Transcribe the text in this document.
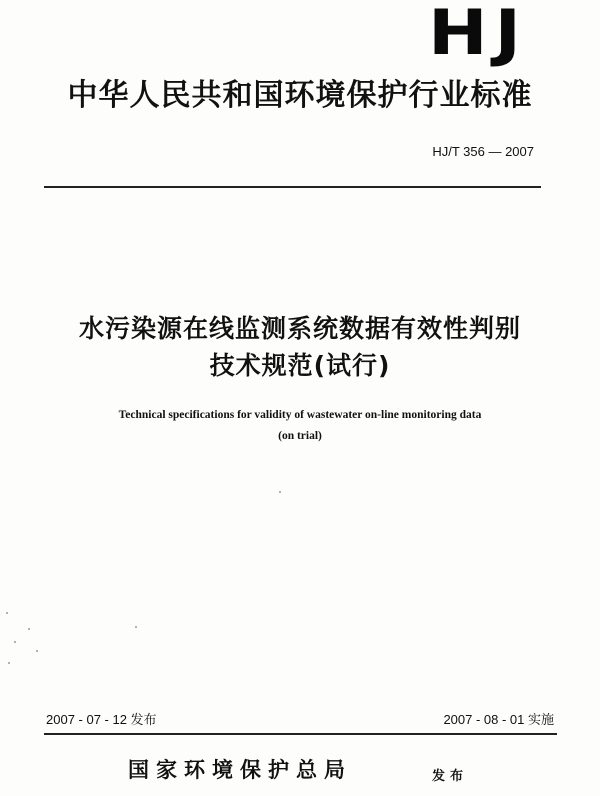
HJ
中华人民共和国环境保护行业标准
HJ/T 356 — 2007
水污染源在线监测系统数据有效性判别
技术规范(试行)
Technical specifications for validity of wastewater on-line monitoring data
(on trial)
2007 - 07 - 12 发布	2007 - 08 - 01 实施
国家环境保护总局	发布
